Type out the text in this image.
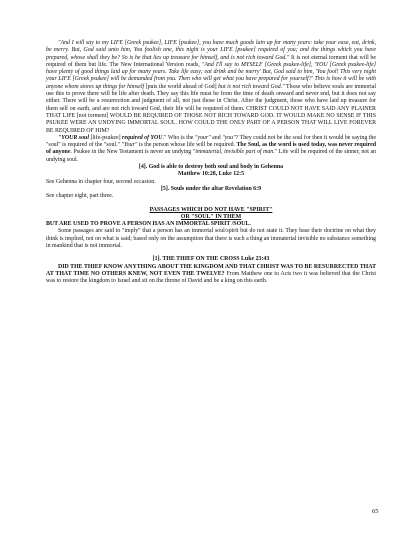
"And I will say to my LIFE [Greek psukee], LIFE [psukee], you have much goods lain up for many years: take your ease, eat, drink, be merry. But, God said unto him, You foolish one, this night is your LIFE [psukee] required of you; and the things which you have prepared, whose shall they be? So is he that lies up treasure for himself, and is not rich toward God." It is not eternal torment that will be required of them but life. The New International Version reads, "And I'll say to MYSELF [Greek psukee-life], 'YOU [Greek psukee-life] have plenty of good things laid up for many years. Take life easy; eat drink and be merry' But, God said to him, 'You fool! This very night your LIFE [Greek psukee] will be demanded from you. Then who will get what you have prepared for yourself?' This is how it will be with anyone whom stores up things for himself [puts the world ahead of God] but is not rich toward God." Those who believe souls are immortal use this to prove there will be life after death. They say this life must be from the time of death onward and never end, but it does not say either. There will be a resurrection and judgment of all, not just those in Christ. After the judgment, those who have laid up treasure for them self on earth, and are not rich toward God, their life will be required of them. CHRIST COULD NOT HAVE SAID ANY PLAINER THAT LIFE [not torment] WOULD BE REQUIRED OF THOSE NOT RICH TOWARD GOD. IT WOULD MAKE NO SENSE IF THIS PSUKEE WERE AN UNDYING IMMORTAL SOUL. HOW COULD THE ONLY PART OF A PERSON THAT WILL LIVE FOREVER BE REQUIRED OF HIM?

"YOUR soul [life-psukee] required of YOU." Who is the "your" and "you"? They could not be the soul for then it would be saying the "soul" is required of the "soul." "Your" is the person whose life will be required. The Soul, as the word is used today, was never required of anyone. Psukee in the New Testament is never an undying "immaterial, invisible part of man." Life will be required of the sinner, not an undying soul.

[4]. God is able to destroy both soul and body in Gehenna

Matthew 10:28, Luke 12:5

See Gehenna in chapter four, second occasion.

[5]. Souls under the altar Revelation 6:9

See chapter eight, part three.

PASSAGES WHICH DO NOT HAVE "SPIRIT"

OR "SOUL" IN THEM

BUT ARE USED TO PROVE A PERSON HAS AN IMMORTAL SPIRIT /SOUL.

Some passages are said to "imply" that a person has an immortal soul/spirit but do not state it. They base their doctrine on what they think is implied, not on what is said; based only on the assumption that there is such a thing an immaterial invisible no substance something in mankind that is not immortal.

[1]. THE THIEF ON THE CROSS Luke 23:43

DID THE THIEF KNOW ANYTHING ABOUT THE KINGDOM AND THAT CHRIST WAS TO BE RESURRECTED THAT AT THAT TIME NO OTHERS KNEW, NOT EVEN THE TWELVE? From Matthew one to Acts two it was believed that the Christ was to restore the kingdom to Israel and sit on the throne of David and be a king on this earth.

65
